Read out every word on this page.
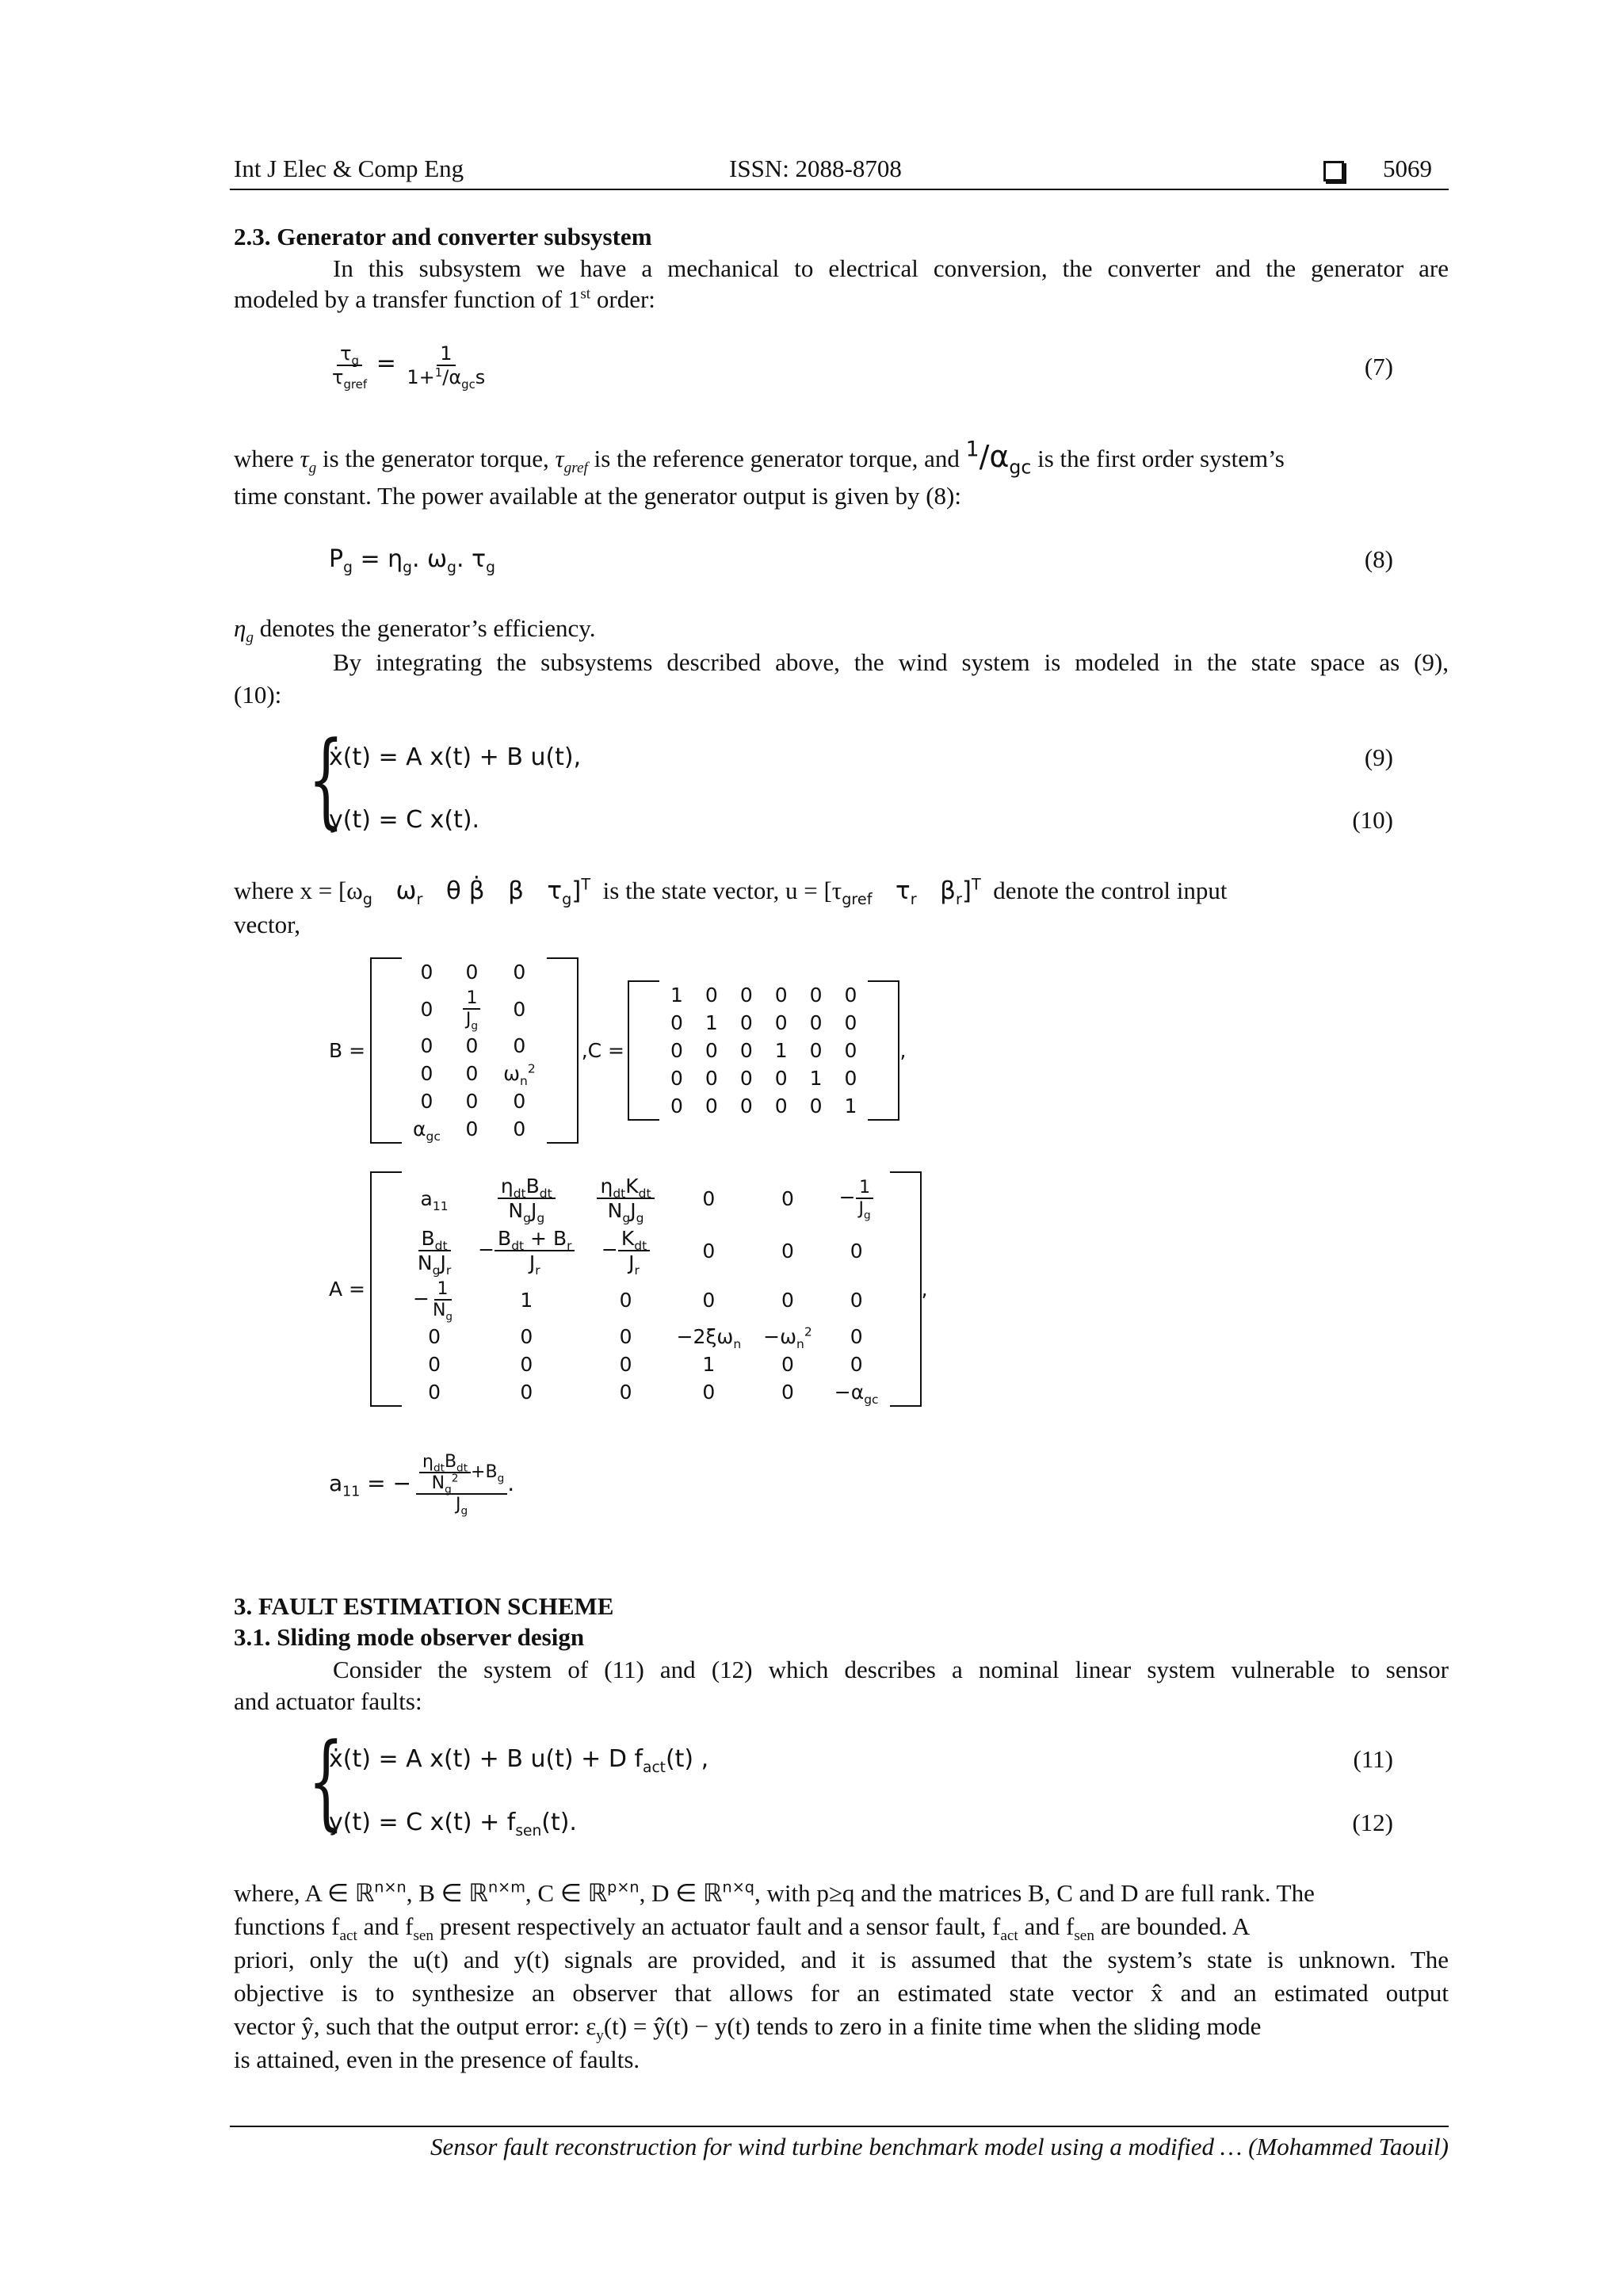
Int J Elec & Comp Eng	ISSN: 2088-8708	5069
2.3. Generator and converter subsystem
In this subsystem we have a mechanical to electrical conversion, the converter and the generator are
modeled by a transfer function of 1st order:
$\frac{\tau_g}{\tau_{gref}} = \frac{1}{1+^1/\alpha_{gc}s}$	(7)
where $\tau_g$ is the generator torque, $\tau_{gref}$ is the reference generator torque, and $^1/\alpha_{gc}$ is the first order system’s
time constant. The power available at the generator output is given by (8):
$P_g = \eta_g$. $\omega_g$. $\tau_g$	(8)
$\eta_g$ denotes the generator’s efficiency.
By integrating the subsystems described above, the wind system is modeled in the state space as (9),
(10):
{
ẋ(t) = A x(t) + B u(t),	(9)
y(t) = C x(t).	(10)
where $x = [\omega_g$   $\omega_r$   θ β̇   β   $\tau_g]^T$ is the state vector, $u = [\tau_{gref}$   $\tau_r$   $\beta_r]^T$ denote the control input
vector,
B =
	0	0	0	
	0	$\frac{1}{J_g}$	0	
	0	0	0	
	0	0	$\omega_n^2$
	0	0	0	
	$\alpha_{gc}$	0	0	
,C =
	1	0	0	0	0	0	
	0	1	0	0	0	0	
	0	0	0	1	0	0	
	0	0	0	0	1	0	
	0	0	0	0	0	1	
,
A =
	$a_{11}$	$\frac{\eta_{dt}B_{dt}}{N_gJ_g}$	$\frac{\eta_{dt}K_{dt}}{N_gJ_g}$	0	0	− $\frac{1}{J_g}$

	$\frac{B_{dt}}{N_gJ_r}$	− $\frac{B_{dt} + B_r}{J_r}$	− $\frac{K_{dt}}{J_r}$	0	0	0	
	− $\frac{1}{N_g}$	1	0	0	0	0	
	0	0	0	$-2\xi\omega_n$	$-\omega_n^2$	0	
	0	0	0	1	0	0	
	0	0	0	0	0	$-\alpha_{gc}$
,
$a_{11}$ = − $\frac{\frac{\eta_{dt}B_{dt}}{N_g^2} +B_g}{J_g}$ .
3. FAULT ESTIMATION SCHEME
3.1. Sliding mode observer design
Consider the system of (11) and (12) which describes a nominal linear system vulnerable to sensor
and actuator faults:
{
ẋ(t) = A x(t) + B u(t) + D $f_{act}(t)$ ,	(11)
y(t) = C $x(t) + f_{sen}(t)$.	(12)
where, A ∈ ℝ$^{n\times n}$, B ∈ ℝ$^{n\times m}$, C ∈ ℝ$^{p\times n}$, D ∈ ℝ$^{n\times q}$, with p≥q and the matrices B, C and D are full rank. The
functions $f_{act}$ and $f_{sen}$ present respectively an actuator fault and a sensor fault, $f_{act}$ and $f_{sen}$ are bounded. A
priori, only the u(t) and y(t) signals are provided, and it is assumed that the system’s state is unknown. The
objective is to synthesize an observer that allows for an estimated state vector x̂ and an estimated output
vector ŷ, such that the output error: $\varepsilon_y(t)$ = ŷ(t) − y(t) tends to zero in a finite time when the sliding mode
is attained, even in the presence of faults.
Sensor fault reconstruction for wind turbine benchmark model using a modified … (Mohammed Taouil)
